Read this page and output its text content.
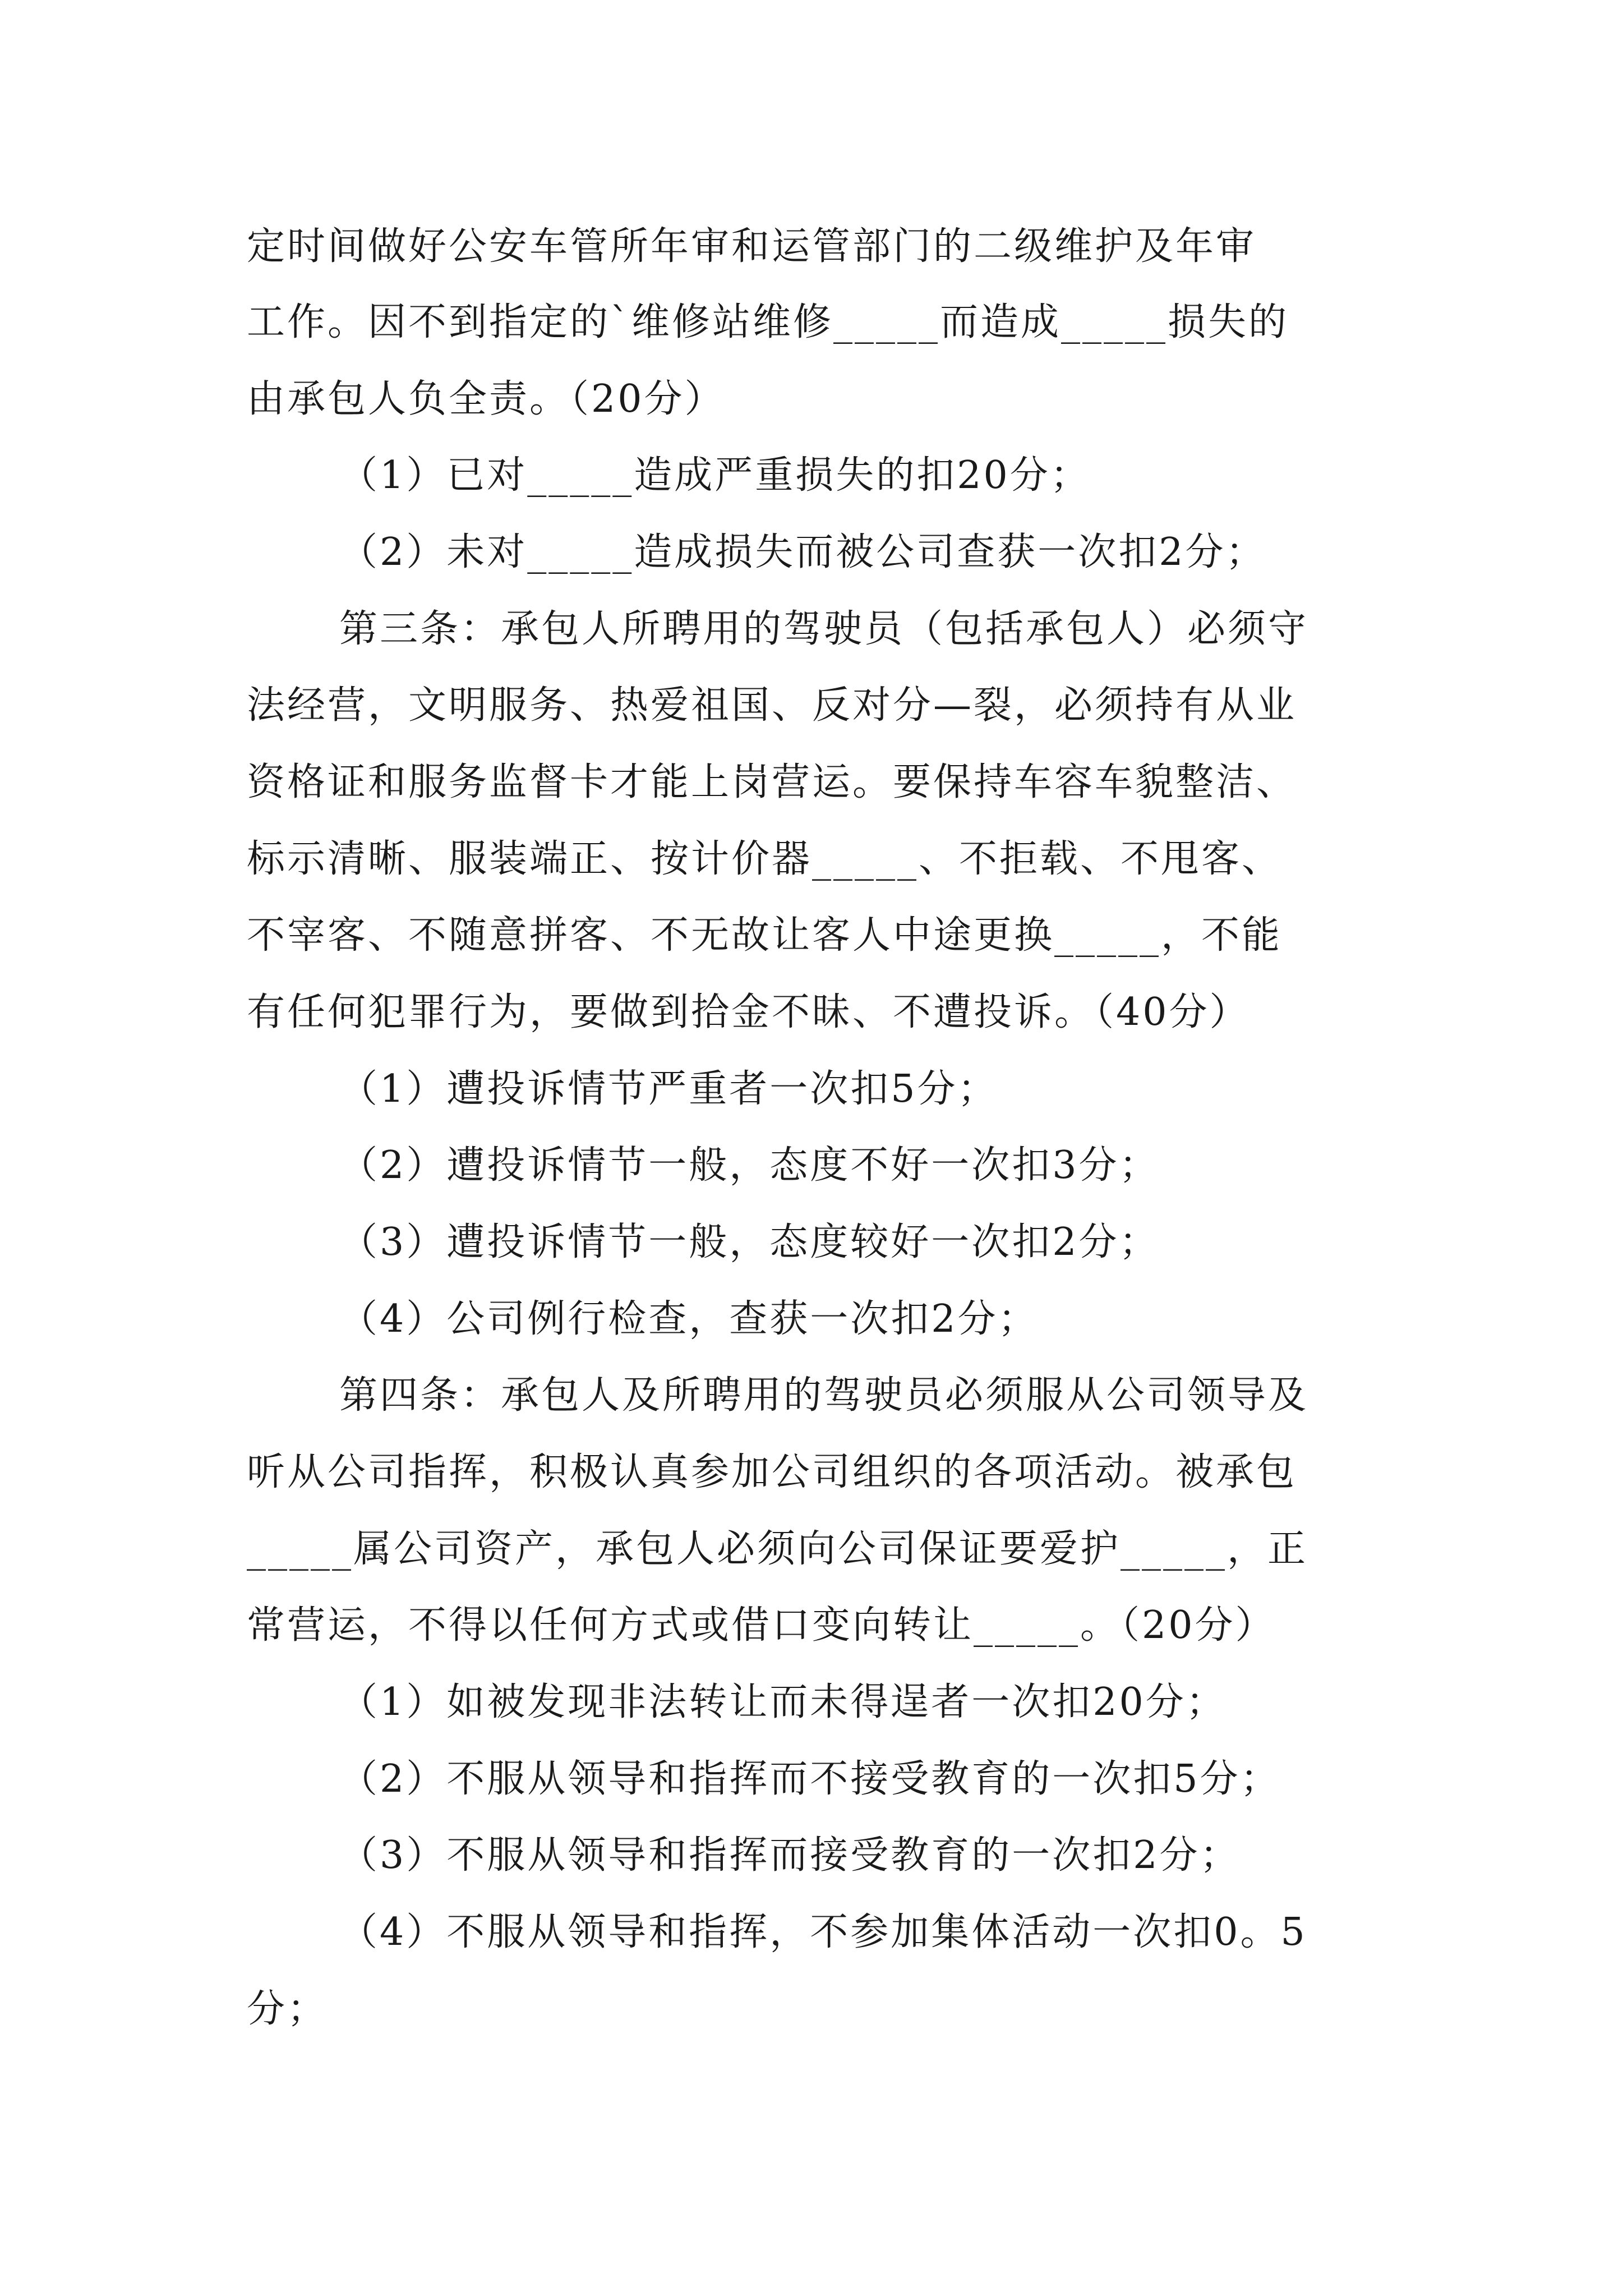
定时间做好公安车管所年审和运管部门的二级维护及年审
工作。因不到指定的`维修站维修_____而造成_____损失的
由承包人负全责。（20分）
（1）已对_____造成严重损失的扣20分；
（2）未对_____造成损失而被公司查获一次扣2分；
第三条：承包人所聘用的驾驶员（包括承包人）必须守
法经营，文明服务、热爱祖国、反对分—裂，必须持有从业
资格证和服务监督卡才能上岗营运。要保持车容车貌整洁、
标示清晰、服装端正、按计价器_____、不拒载、不甩客、
不宰客、不随意拼客、不无故让客人中途更换_____，不能
有任何犯罪行为，要做到拾金不昧、不遭投诉。（40分）
（1）遭投诉情节严重者一次扣5分；
（2）遭投诉情节一般，态度不好一次扣3分；
（3）遭投诉情节一般，态度较好一次扣2分；
（4）公司例行检查，查获一次扣2分；
第四条：承包人及所聘用的驾驶员必须服从公司领导及
听从公司指挥，积极认真参加公司组织的各项活动。被承包
_____属公司资产，承包人必须向公司保证要爱护_____，正
常营运，不得以任何方式或借口变向转让_____。（20分）
（1）如被发现非法转让而未得逞者一次扣20分；
（2）不服从领导和指挥而不接受教育的一次扣5分；
（3）不服从领导和指挥而接受教育的一次扣2分；
（4）不服从领导和指挥，不参加集体活动一次扣0。5
分；
